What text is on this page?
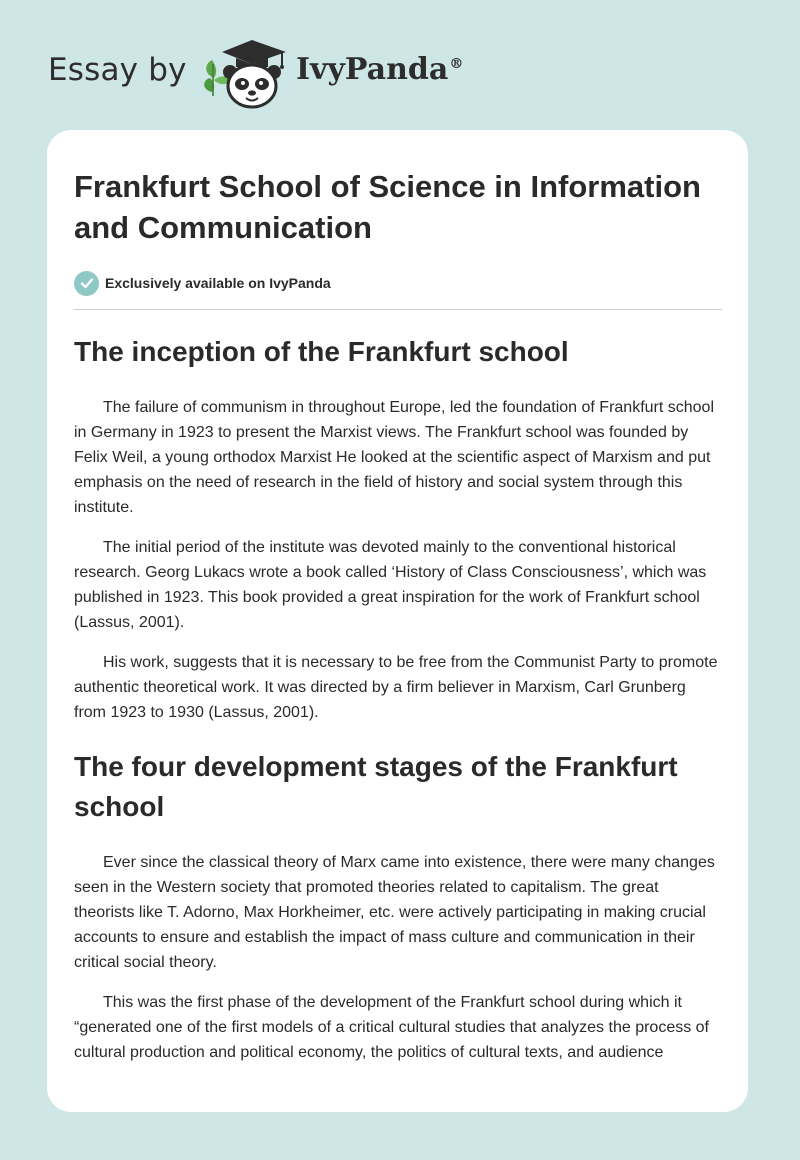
Essay by	IvyPanda®
Frankfurt School of Science in Information and Communication
Exclusively available on IvyPanda
The inception of the Frankfurt school

The failure of communism in throughout Europe, led the foundation of Frankfurt school in Germany in 1923 to present the Marxist views. The Frankfurt school was founded by Felix Weil, a young orthodox Marxist He looked at the scientific aspect of Marxism and put emphasis on the need of research in the field of history and social system through this institute.

The initial period of the institute was devoted mainly to the conventional historical research. Georg Lukacs wrote a book called ‘History of Class Consciousness’, which was published in 1923. This book provided a great inspiration for the work of Frankfurt school (Lassus, 2001).

His work, suggests that it is necessary to be free from the Communist Party to promote authentic theoretical work. It was directed by a firm believer in Marxism, Carl Grunberg from 1923 to 1930 (Lassus, 2001).

The four development stages of the Frankfurt school

Ever since the classical theory of Marx came into existence, there were many changes seen in the Western society that promoted theories related to capitalism. The great theorists like T. Adorno, Max Horkheimer, etc. were actively participating in making crucial accounts to ensure and establish the impact of mass culture and communication in their critical social theory.

This was the first phase of the development of the Frankfurt school during which it “generated one of the first models of a critical cultural studies that analyzes the process of cultural production and political economy, the politics of cultural texts, and audience
